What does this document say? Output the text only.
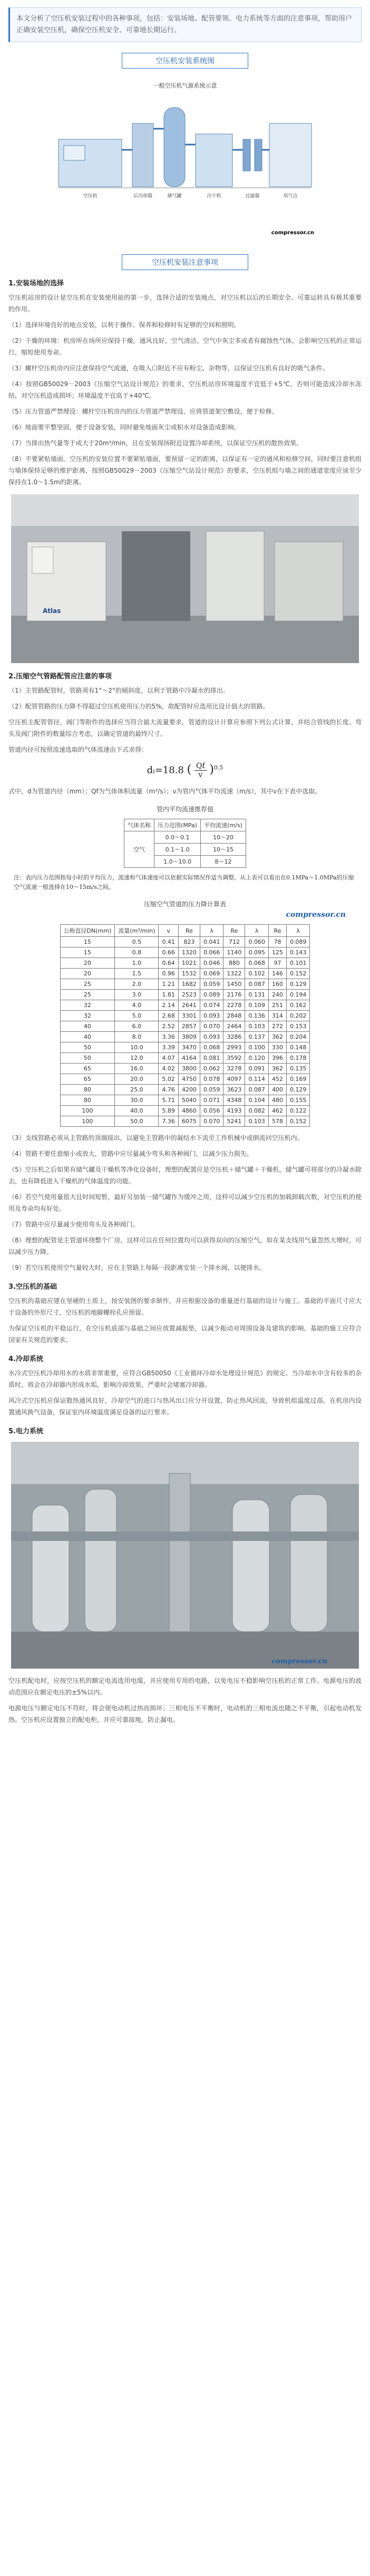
本文分析了空压机安装过程中的各种事项，包括：安装场地、配管要领、电力系统等方面的注意事项，帮助用户正确安装空压机，确保空压机安全、可靠地长期运行。
空压机安装系统图
一般空压机气源系统示意
空压机	后冷却器	储气罐	冷干机	过滤器	用气点
compressor.cn
空压机安装注意事项
1.安装场地的选择

空压机站房的设计是空压机在安装使用前的第一步，选择合适的安装地点，对空压机以后的长期安全、可靠运转具有极其重要的作用。

（1）选择环境良好的地点安装，以利于操作、保养和检修时有足够的空间和照明。

（2）干燥的环境：机房所在场所应保持干燥，通风良好，空气清洁。空气中灰尘多或者有腐蚀性气体，会影响空压机的正常运行，缩短使用寿命。

（3）螺杆空压机房内应注意保持空气流通，在吸入口附近不应有粉尘、杂物等，以保证空压机有良好的吸气条件。

（4）按照GB50029－2003《压缩空气站设计规范》的要求，空压机站房环境温度不宜低于+5℃，否则可能造成冷却水冻结，对空压机造成损坏；环境温度不宜高于+40℃。

（5）压力管道严禁埋设：螺杆空压机房内的压力管道严禁埋设，应将管道架空敷设，便于检修。

（6）地面要平整坚固，便于设备安装，同时避免地面灰尘或积水对设备造成影响。

（7）当排出热气量等于或大于20m³/min，且在安装现场附近设置冷却系统，以保证空压机的散热效果。

（8）不要紧贴墙面。空压机的安装位置不要紧贴墙面，要预留一定的距离，以保证有一定的通风和检修空间，同时要注意机组与墙体保持足够的维护距离，按照GB50029－2003《压缩空气站设计规范》的要求，空压机组与墙之间的通道宽度应该至少保持在1.0～1.5m的距离。

Atlas
2.压缩空气管路配管应注意的事项

（1）主管路配管时，管路须有1°～2°的倾斜度，以利于管路中冷凝水的排出。

（2）配管管路的压力降不得超过空压机使用压力的5%，故配管时应选用比设计值大的管路。

空压机主配管管径，阀门等附件的选择应当符合最大流量要求，管道的设计计算应参照下列公式计算，并结合管线的长度、弯头及阀门附件的数量综合考虑，以确定管道的最终尺寸。

管道内径可按照流速选取的气体流速由下式求得：

dᵢ=18.8 ( $\frac{Qf}{v} )^{0.5}$

式中，d为管道内径（mm）；Qf为气体体积流量（m³/s）；ν为管内气体平均流速（m/s），其中v在下表中选取。

管内平均流速推荐值
气体名称	压力范围(MPa)	平均流速(m/s)
空气	0.0～0.1	10～20
	0.1～1.0	10～15
	1.0～10.0	8～12

注：表内压力范围指每小时的平均压力，流速和气体速度可以依据实际情况作适当调整。从上表可以看出在0.1MPa～1.0MPa的压缩空气流速一般选择在10～15m/s之间。

压缩空气管道的压力降计算表
compressor.cn
公称直径DN(mm)	流量(m³/min)	ν	Re	λ	Re	λ	Re	λ
15	0.5	0.41	823	0.041	712	0.060	78	0.089
15	0.8	0.66	1320	0.066	1140	0.095	125	0.143
20	1.0	0.64	1021	0.046	880	0.068	97	0.101
20	1.5	0.96	1532	0.069	1322	0.102	146	0.152
25	2.0	1.21	1682	0.059	1450	0.087	160	0.129
25	3.0	1.81	2523	0.089	2176	0.131	240	0.194
32	4.0	2.14	2641	0.074	2278	0.109	251	0.162
32	5.0	2.68	3301	0.093	2848	0.136	314	0.202
40	6.0	2.52	2857	0.070	2464	0.103	272	0.153
40	8.0	3.36	3809	0.093	3286	0.137	362	0.204
50	10.0	3.39	3470	0.068	2993	0.100	330	0.148
50	12.0	4.07	4164	0.081	3592	0.120	396	0.178
65	16.0	4.02	3800	0.062	3278	0.091	362	0.135
65	20.0	5.02	4750	0.078	4097	0.114	452	0.169
80	25.0	4.76	4200	0.059	3623	0.087	400	0.129
80	30.0	5.71	5040	0.071	4348	0.104	480	0.155
100	40.0	5.89	4860	0.056	4193	0.082	462	0.122
100	50.0	7.36	6075	0.070	5241	0.103	578	0.152

（3）支线管路必须从主管路的顶端接出，以避免主管路中的凝结水下流至工作机械中或倒流回空压机内。

（4）管路不要任意缩小或放大，管路中应尽量减少弯头和各种阀门，以减少压力损失。

（5）空压机之后如果有储气罐及干燥机等净化设备时，理想的配置应是空压机＋储气罐＋干燥机，储气罐可将部分的冷凝水除去，也有降低进入干燥机的气体温度的功能。

（6）若空气使用量很大且时间短暂，最好另加装一储气罐作为缓冲之用，这样可以减少空压机的加载卸载次数，对空压机的使用及寿命均有好处。

（7）管路中应尽量减少使用弯头及各种阀门。

（8）理想的配管是主管道环绕整个厂房，这样可以在任何位置均可以获得双向的压缩空气。如在某支线用气量忽然大增时，可以减少压力降。

（9）若空压机使用空气量较大时，应在主管路上每隔一段距离安装一个排水阀，以便排水。

3.空压机的基础

空压机的基础应建在坚硬的土质上，按安装图的要求制作，并应根据设备的重量进行基础的设计与施工。基础的平面尺寸应大于设备的外形尺寸，空压机的地脚螺栓孔应预留。

为保证空压机的平稳运行，在空压机底部与基础之间应放置减振垫，以减少振动对周围设备及建筑的影响。基础的施工应符合国家有关规范的要求。

4.冷却系统

水冷式空压机冷却用水的水质非常重要，应符合GB50050《工业循环冷却水处理设计规范》的规定。当冷却水中含有较多的杂质时，将会在冷却器内形成水垢，影响冷却效果，严重时会堵塞冷却器。

风冷式空压机应保证散热通风良好，冷却空气的进口与热风出口应分开设置，防止热风回流，导致机组温度过高。在机房内设置通风换气设备，保证室内环境温度满足设备的运行要求。

5.电力系统
compressor.cn

空压机配电时，应按空压机的额定电流选用电缆，并应使用专用的电路，以免电压不稳影响空压机的正常工作。电源电压的波动范围应在额定电压的±5%以内。

电源电压与额定电压不符时，将会使电动机过热而损坏；三相电压不平衡时，电动机的三相电流也随之不平衡，引起电动机发热。空压机应设置独立的配电柜，并应可靠接地，防止漏电。
